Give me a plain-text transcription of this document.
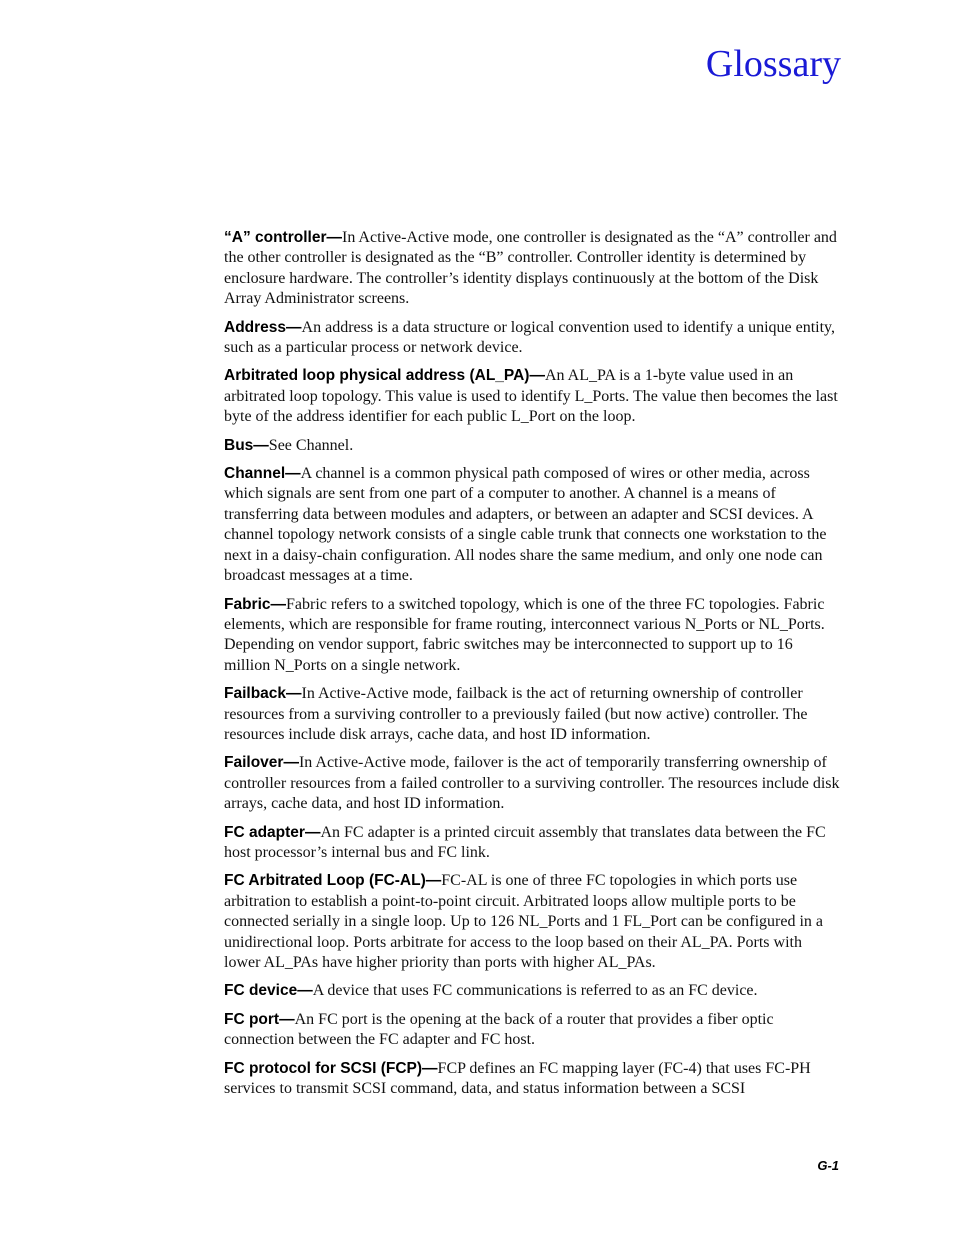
Glossary

“A” controller—In Active-Active mode, one controller is designated as the “A” controller and the other controller is designated as the “B” controller. Controller identity is determined by enclosure hardware. The controller’s identity displays continuously at the bottom of the Disk Array Administrator screens.

Address—An address is a data structure or logical convention used to identify a unique entity, such as a particular process or network device.

Arbitrated loop physical address (AL_PA)—An AL_PA is a 1-byte value used in an arbitrated loop topology. This value is used to identify L_Ports. The value then becomes the last byte of the address identifier for each public L_Port on the loop.

Bus—See Channel.

Channel—A channel is a common physical path composed of wires or other media, across which signals are sent from one part of a computer to another. A channel is a means of transferring data between modules and adapters, or between an adapter and SCSI devices. A channel topology network consists of a single cable trunk that connects one workstation to the next in a daisy-chain configuration. All nodes share the same medium, and only one node can broadcast messages at a time.

Fabric—Fabric refers to a switched topology, which is one of the three FC topologies. Fabric elements, which are responsible for frame routing, interconnect various N_Ports or NL_Ports. Depending on vendor support, fabric switches may be interconnected to support up to 16 million N_Ports on a single network.

Failback—In Active-Active mode, failback is the act of returning ownership of controller resources from a surviving controller to a previously failed (but now active) controller. The resources include disk arrays, cache data, and host ID information.

Failover—In Active-Active mode, failover is the act of temporarily transferring ownership of controller resources from a failed controller to a surviving controller. The resources include disk arrays, cache data, and host ID information.

FC adapter—An FC adapter is a printed circuit assembly that translates data between the FC host processor’s internal bus and FC link.

FC Arbitrated Loop (FC-AL)—FC-AL is one of three FC topologies in which ports use arbitration to establish a point-to-point circuit. Arbitrated loops allow multiple ports to be connected serially in a single loop. Up to 126 NL_Ports and 1 FL_Port can be configured in a unidirectional loop. Ports arbitrate for access to the loop based on their AL_PA. Ports with lower AL_PAs have higher priority than ports with higher AL_PAs.

FC device—A device that uses FC communications is referred to as an FC device.

FC port—An FC port is the opening at the back of a router that provides a fiber optic connection between the FC adapter and FC host.

FC protocol for SCSI (FCP)—FCP defines an FC mapping layer (FC-4) that uses FC-PH services to transmit SCSI command, data, and status information between a SCSI

G-1
